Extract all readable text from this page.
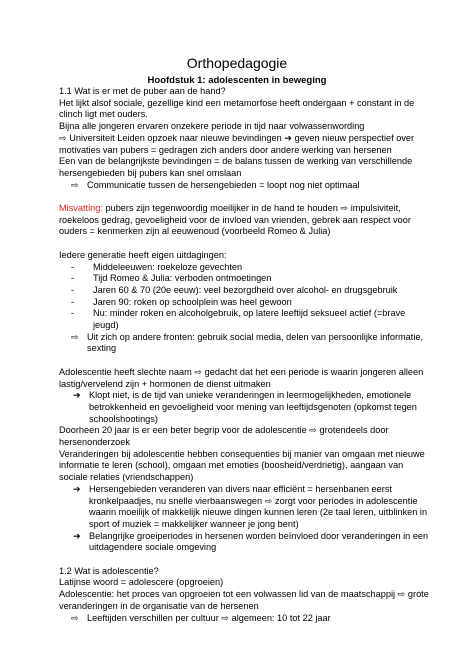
Orthopedagogie
Hoofdstuk 1: adolescenten in beweging

1.1 Wat is er met de puber aan de hand?

Het lijkt alsof sociale, gezellige kind een metamorfose heeft ondergaan + constant in de clinch ligt met ouders.

Bijna alle jongeren ervaren onzekere periode in tijd naar volwassenwording

⇨ Universiteit Leiden opzoek naar nieuwe bevindingen ➔ geven nieuw perspectief over motivaties van pubers = gedragen zich anders door andere werking van hersenen

Een van de belangrijkste bevindingen = de balans tussen de werking van verschillende hersengebieden bij pubers kan snel omslaan

⇨ Communicatie tussen de hersengebieden = loopt nog niet optimaal

Misvatting: pubers zijn tegenwoordig moeilijker in de hand te houden ⇨ impulsiviteit, roekeloos gedrag, gevoeligheid voor de invloed van vrienden, gebrek aan respect voor ouders = kenmerken zijn al eeuwenoud (voorbeeld Romeo & Julia)

Iedere generatie heeft eigen uitdagingen:

-	Middeleeuwen: roekeloze gevechten
-	Tijd Romeo & Julia: verboden ontmoetingen
-	Jaren 60 & 70 (20e eeuw): veel bezorgdheid over alcohol- en drugsgebruik
-	Jaren 90: roken op schoolplein was heel gewoon
-	Nu: minder roken en alcoholgebruik, op latere leeftijd seksueel actief (=brave jeugd)
⇨ Uit zich op andere fronten: gebruik social media, delen van persoonlijke informatie, sexting

Adolescentie heeft slechte naam ⇨ gedacht dat het een periode is waarin jongeren alleen lastig/vervelend zijn + hormonen de dienst uitmaken

➔ Klopt niet, is de tijd van unieke veranderingen in leermogelijkheden, emotionele betrokkenheid en gevoeligheid voor mening van leeftijdsgenoten (opkomst tegen schoolshootings)

Doorheen 20 jaar is er een beter begrip voor de adolescentie ⇨ grotendeels door hersenonderzoek

Veranderingen bij adolescentie hebben consequenties bij manier van omgaan met nieuwe informatie te leren (school), omgaan met emoties (boosheid/verdrietig), aangaan van sociale relaties (vriendschappen)

➔ Hersengebieden veranderen van divers naar efficiënt = hersenbanen eerst kronkelpaadjes, nu snelle vierbaanswegen ⇨ zorgt voor periodes in adolescentie waarin moeilijk of makkelijk nieuwe dingen kunnen leren (2e taal leren, uitblinken in sport of muziek = makkelijker wanneer je jong bent)
➔ Belangrijke groeiperiodes in hersenen worden beïnvloed door veranderingen in een uitdagendere sociale omgeving

1.2 Wat is adolescentie?

Latijnse woord = adolescere (opgroeien)

Adolescentie: het proces van opgroeien tot een volwassen lid van de maatschappij ⇨ grote veranderingen in de organisatie van de hersenen

⇨ Leeftijden verschillen per cultuur ⇨ algemeen: 10 tot 22 jaar
